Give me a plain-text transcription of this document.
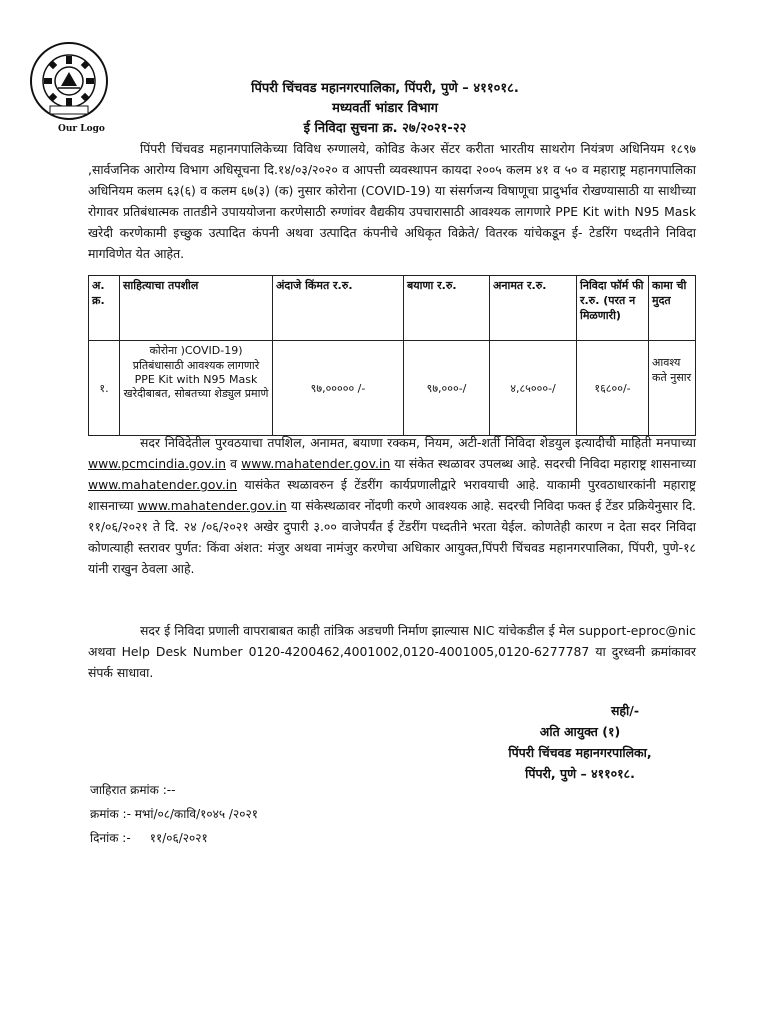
Our Logo
पिंपरी चिंचवड महानगरपालिका, पिंपरी, पुणे – ४११०१८.
मध्यवर्ती भांडार विभाग
ई निविदा सुचना क्र. २७/२०२१-२२
पिंपरी चिंचवड महानगपालिकेच्या विविध रुग्णालये, कोविड केअर सेंटर करीता भारतीय साथरोग नियंत्रण अधिनियम १८९७ ,सार्वजनिक आरोग्य विभाग अधिसूचना दि.१४/०३/२०२० व आपत्ती व्यवस्थापन कायदा २००५ कलम ४१ व ५० व महाराष्ट्र महानगपालिका अधिनियम कलम ६३(६) व कलम ६७(३) (क) नुसार कोरोना (COVID-19) या संसर्गजन्य विषाणूचा प्रादुर्भाव रोखण्यासाठी या साथीच्या रोगावर प्रतिबंधात्मक तातडीने उपाययोजना करणेसाठी रुग्णांवर वैद्यकीय उपचारासाठी आवश्यक लागणारे PPE Kit with N95 Mask खरेदी करणेकामी इच्छुक उत्पादित कंपनी अथवा उत्पादित कंपनीचे अधिकृत विक्रेते/ वितरक यांचेकडून ई- टेडरिंग पध्दतीने निविदा मागविणेत येत आहेत.
अ. क्र.	साहित्याचा तपशील	अंदाजे किंमत र.रु.	बयाणा र.रु.	अनामत र.रु.	निविदा फॉर्म फी र.रु. (परत न मिळणारी)	कामा ची मुदत
१.	कोरोना )COVID-19) प्रतिबंधासाठी आवश्यक लागणारे PPE Kit with N95 Mask खरेदीबाबत, सोबतच्या शेड्युल प्रमाणे	९७,००००० /-	९७,०००-/	४,८५०००-/	१६८००/-	आवश्य कते नुसार
सदर निविदेतील पुरवठयाचा तपशिल, अनामत, बयाणा रक्कम, नियम, अटी-शर्ती निविदा शेडयुल इत्यादीची माहिती मनपाच्या www.pcmcindia.gov.in व www.mahatender.gov.in या संकेत स्थळावर उपलब्ध आहे. सदरची निविदा महाराष्ट्र शासनाच्या www.mahatender.gov.in यासंकेत स्थळावरुन ई टेंडरींग कार्यप्रणालीद्वारे भरावयाची आहे. याकामी पुरवठाधारकांनी महाराष्ट्र शासनाच्या www.mahatender.gov.in या संकेस्थळावर नोंदणी करणे आवश्यक आहे. सदरची निविदा फक्त ई टेंडर प्रक्रियेनुसार दि. ११/०६/२०२१ ते दि. २४ /०६/२०२१ अखेर दुपारी ३.०० वाजेपर्यंत ई टेंडरींग पध्दतीने भरता येईल. कोणतेही कारण न देता सदर निविदा कोणत्याही स्तरावर पुर्णत: किंवा अंशत: मंजुर अथवा नामंजुर करणेचा अधिकार आयुक्त,पिंपरी चिंचवड महानगरपालिका, पिंपरी, पुणे-१८ यांनी राखुन ठेवला आहे.
सदर ई निविदा प्रणाली वापराबाबत काही तांत्रिक अडचणी निर्माण झाल्यास NIC यांचेकडील ई मेल support-eproc@nic अथवा Help Desk Number 0120-4200462,4001002,0120-4001005,0120-6277787 या दुरध्वनी क्रमांकावर संपर्क साधावा.
सही/-
अति आयुक्त (१)
पिंपरी चिंचवड महानगरपालिका,
पिंपरी, पुणे – ४११०१८.
जाहिरात क्रमांक :--
क्रमांक :- मभां/०८/कावि/१०४५ /२०२१
दिनांक :-     ११/०६/२०२१
